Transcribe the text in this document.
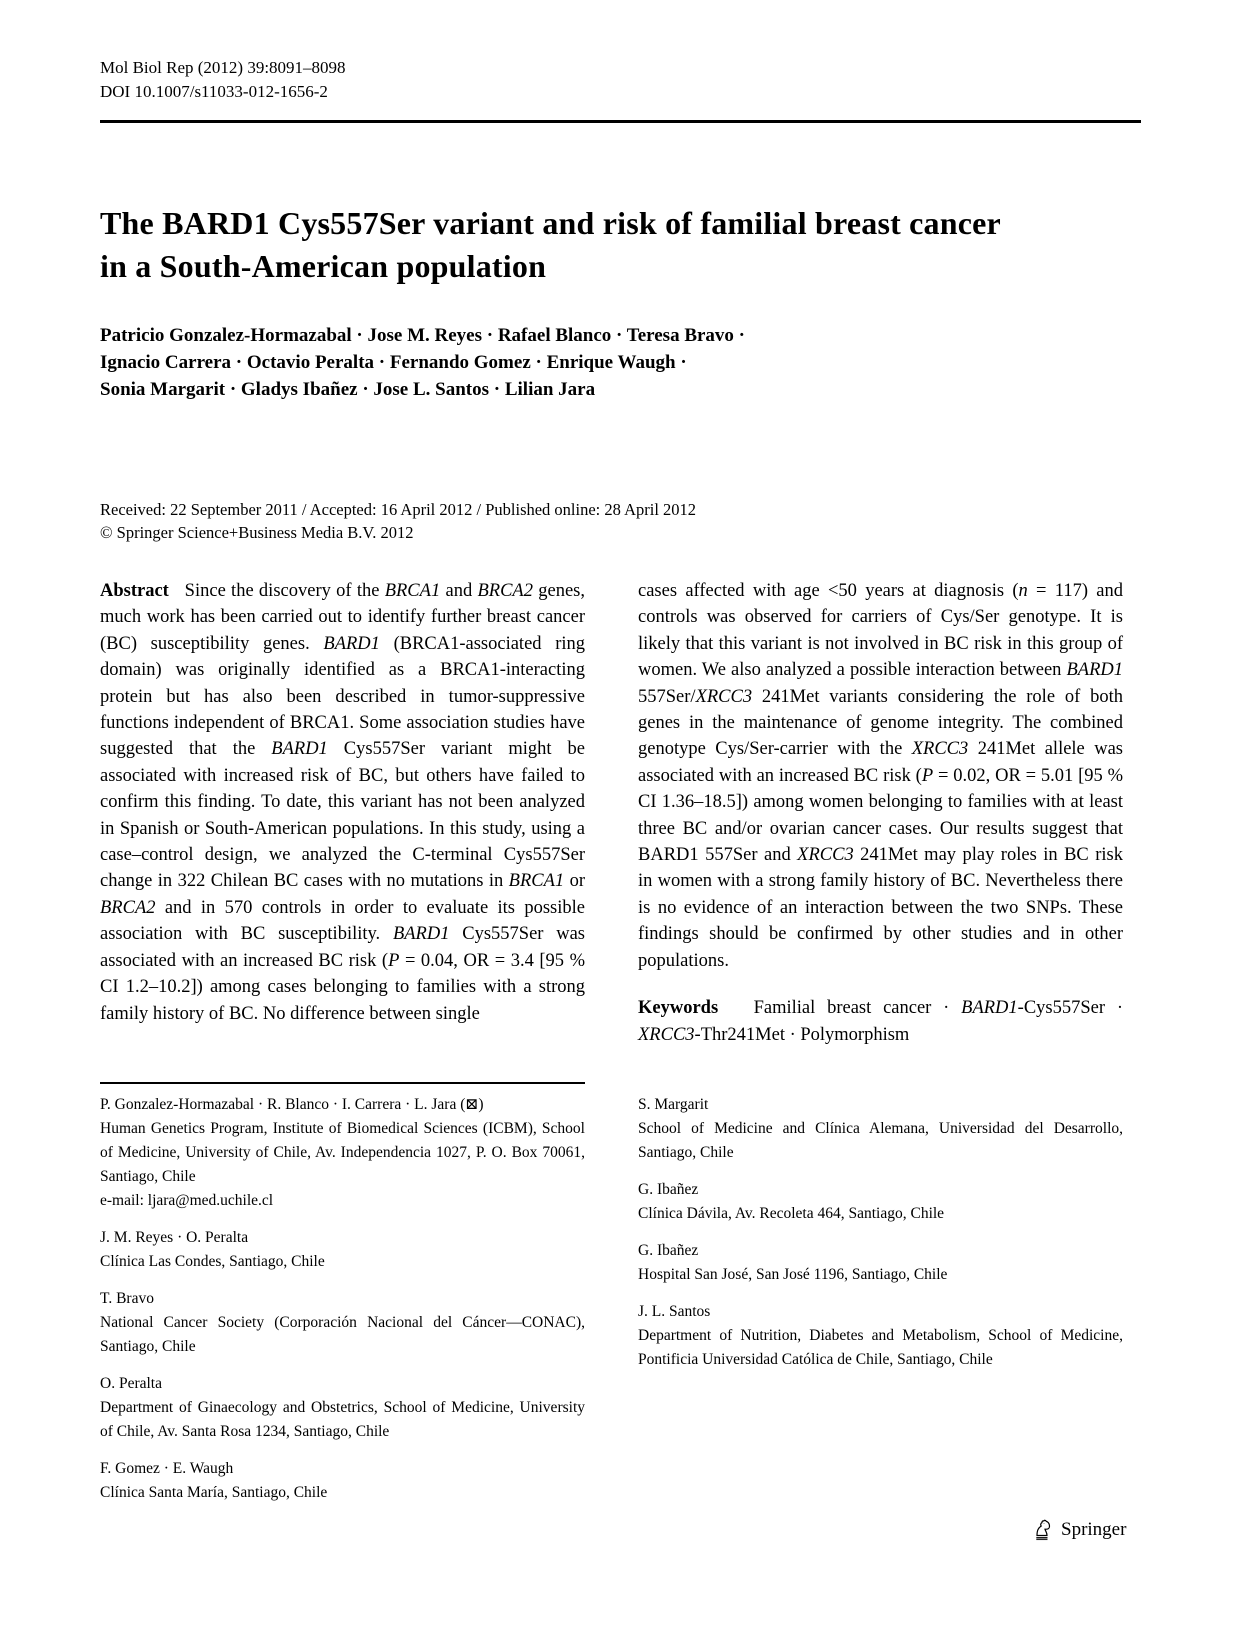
Mol Biol Rep (2012) 39:8091–8098
DOI 10.1007/s11033-012-1656-2
The BARD1 Cys557Ser variant and risk of familial breast cancer
in a South-American population
Patricio Gonzalez-Hormazabal · Jose M. Reyes · Rafael Blanco · Teresa Bravo ·
Ignacio Carrera · Octavio Peralta · Fernando Gomez · Enrique Waugh ·
Sonia Margarit · Gladys Ibañez · Jose L. Santos · Lilian Jara
Received: 22 September 2011 / Accepted: 16 April 2012 / Published online: 28 April 2012
© Springer Science+Business Media B.V. 2012

Abstract   Since the discovery of the BRCA1 and BRCA2 genes, much work has been carried out to identify further breast cancer (BC) susceptibility genes. BARD1 (BRCA1-associated ring domain) was originally identified as a BRCA1-interacting protein but has also been described in tumor-suppressive functions independent of BRCA1. Some association studies have suggested that the BARD1 Cys557Ser variant might be associated with increased risk of BC, but others have failed to confirm this finding. To date, this variant has not been analyzed in Spanish or South-American populations. In this study, using a case–control design, we analyzed the C-terminal Cys557Ser change in 322 Chilean BC cases with no mutations in BRCA1 or BRCA2 and in 570 controls in order to evaluate its possible association with BC susceptibility. BARD1 Cys557Ser was associated with an increased BC risk (P = 0.04, OR = 3.4 [95 % CI 1.2–10.2]) among cases belonging to families with a strong family history of BC. No difference between single

cases affected with age <50 years at diagnosis (n = 117) and controls was observed for carriers of Cys/Ser genotype. It is likely that this variant is not involved in BC risk in this group of women. We also analyzed a possible interaction between BARD1 557Ser/XRCC3 241Met variants considering the role of both genes in the maintenance of genome integrity. The combined genotype Cys/Ser-carrier with the XRCC3 241Met allele was associated with an increased BC risk (P = 0.02, OR = 5.01 [95 % CI 1.36–18.5]) among women belonging to families with at least three BC and/or ovarian cancer cases. Our results suggest that BARD1 557Ser and XRCC3 241Met may play roles in BC risk in women with a strong family history of BC. Nevertheless there is no evidence of an interaction between the two SNPs. These findings should be confirmed by other studies and in other populations.

Keywords   Familial breast cancer · BARD1-Cys557Ser · XRCC3-Thr241Met · Polymorphism

P. Gonzalez-Hormazabal · R. Blanco · I. Carrera · L. Jara (⊠)
Human Genetics Program, Institute of Biomedical Sciences (ICBM), School of Medicine, University of Chile, Av. Independencia 1027, P. O. Box 70061, Santiago, Chile
e-mail: ljara@med.uchile.cl
J. M. Reyes · O. Peralta
Clínica Las Condes, Santiago, Chile
T. Bravo
National Cancer Society (Corporación Nacional del Cáncer—CONAC), Santiago, Chile
O. Peralta
Department of Ginaecology and Obstetrics, School of Medicine, University of Chile, Av. Santa Rosa 1234, Santiago, Chile
F. Gomez · E. Waugh
Clínica Santa María, Santiago, Chile
S. Margarit
School of Medicine and Clínica Alemana, Universidad del Desarrollo, Santiago, Chile
G. Ibañez
Clínica Dávila, Av. Recoleta 464, Santiago, Chile
G. Ibañez
Hospital San José, San José 1196, Santiago, Chile
J. L. Santos
Department of Nutrition, Diabetes and Metabolism, School of Medicine, Pontificia Universidad Católica de Chile, Santiago, Chile
Springer
